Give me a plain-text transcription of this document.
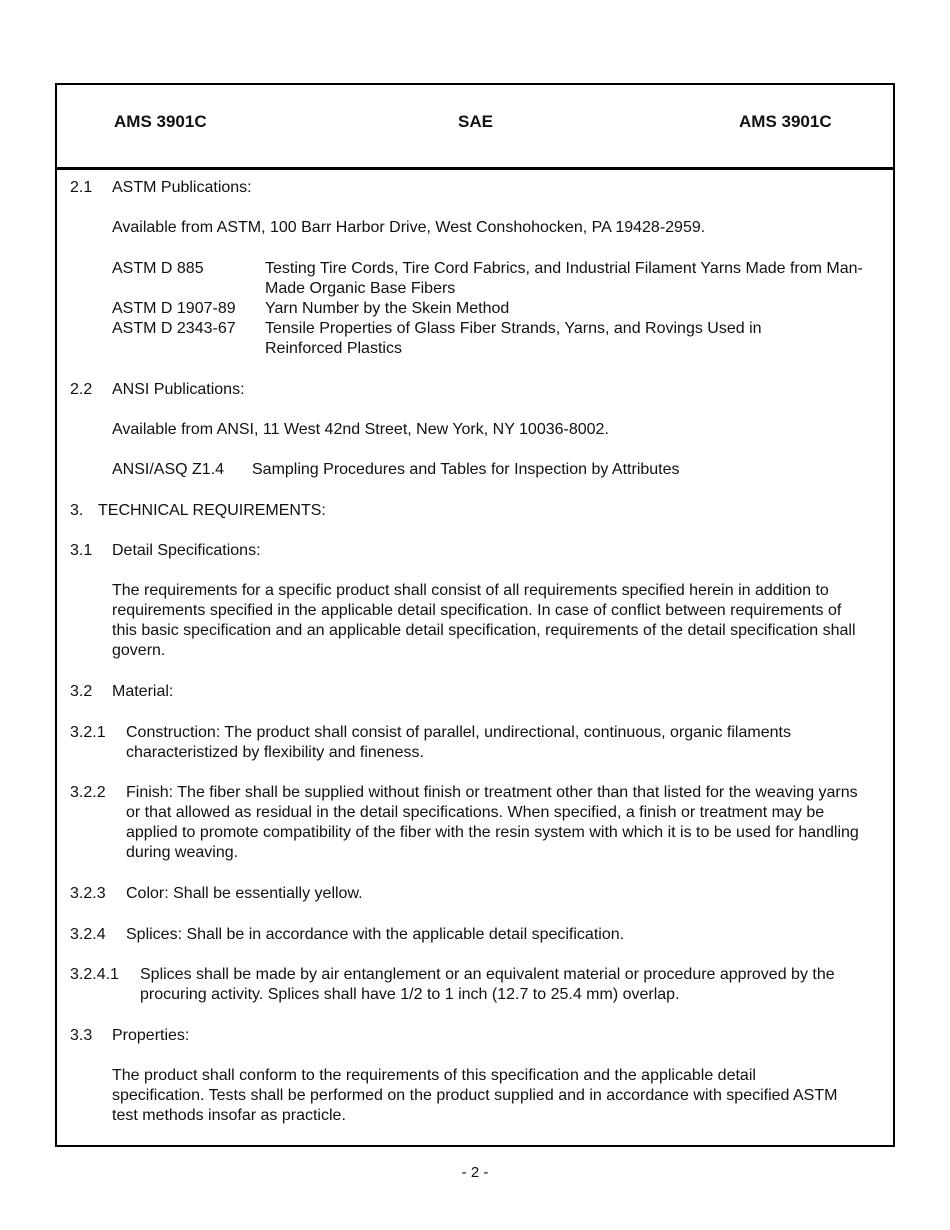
AMS 3901C	SAE	AMS 3901C
2.1 ASTM Publications:
Available from ASTM, 100 Barr Harbor Drive, West Conshohocken, PA 19428-2959.
ASTM D 885	Testing Tire Cords, Tire Cord Fabrics, and Industrial Filament Yarns Made from Man-Made Organic Base Fibers
ASTM D 1907-89 Yarn Number by the Skein Method
ASTM D 2343-67 Tensile Properties of Glass Fiber Strands, Yarns, and Rovings Used in Reinforced Plastics
2.2 ANSI Publications:
Available from ANSI, 11 West 42nd Street, New York, NY 10036-8002.
ANSI/ASQ Z1.4 Sampling Procedures and Tables for Inspection by Attributes
3. TECHNICAL REQUIREMENTS:
3.1 Detail Specifications:
The requirements for a specific product shall consist of all requirements specified herein in addition to requirements specified in the applicable detail specification. In case of conflict between requirements of this basic specification and an applicable detail specification, requirements of the detail specification shall govern.
3.2 Material:
3.2.1 Construction: The product shall consist of parallel, undirectional, continuous, organic filaments characteristized by flexibility and fineness.
3.2.2 Finish: The fiber shall be supplied without finish or treatment other than that listed for the weaving yarns or that allowed as residual in the detail specifications. When specified, a finish or treatment may be applied to promote compatibility of the fiber with the resin system with which it is to be used for handling during weaving.
3.2.3 Color: Shall be essentially yellow.
3.2.4 Splices: Shall be in accordance with the applicable detail specification.
3.2.4.1 Splices shall be made by air entanglement or an equivalent material or procedure approved by the procuring activity. Splices shall have 1/2 to 1 inch (12.7 to 25.4 mm) overlap.
3.3 Properties:
The product shall conform to the requirements of this specification and the applicable detail specification. Tests shall be performed on the product supplied and in accordance with specified ASTM test methods insofar as practicle.
- 2 -
